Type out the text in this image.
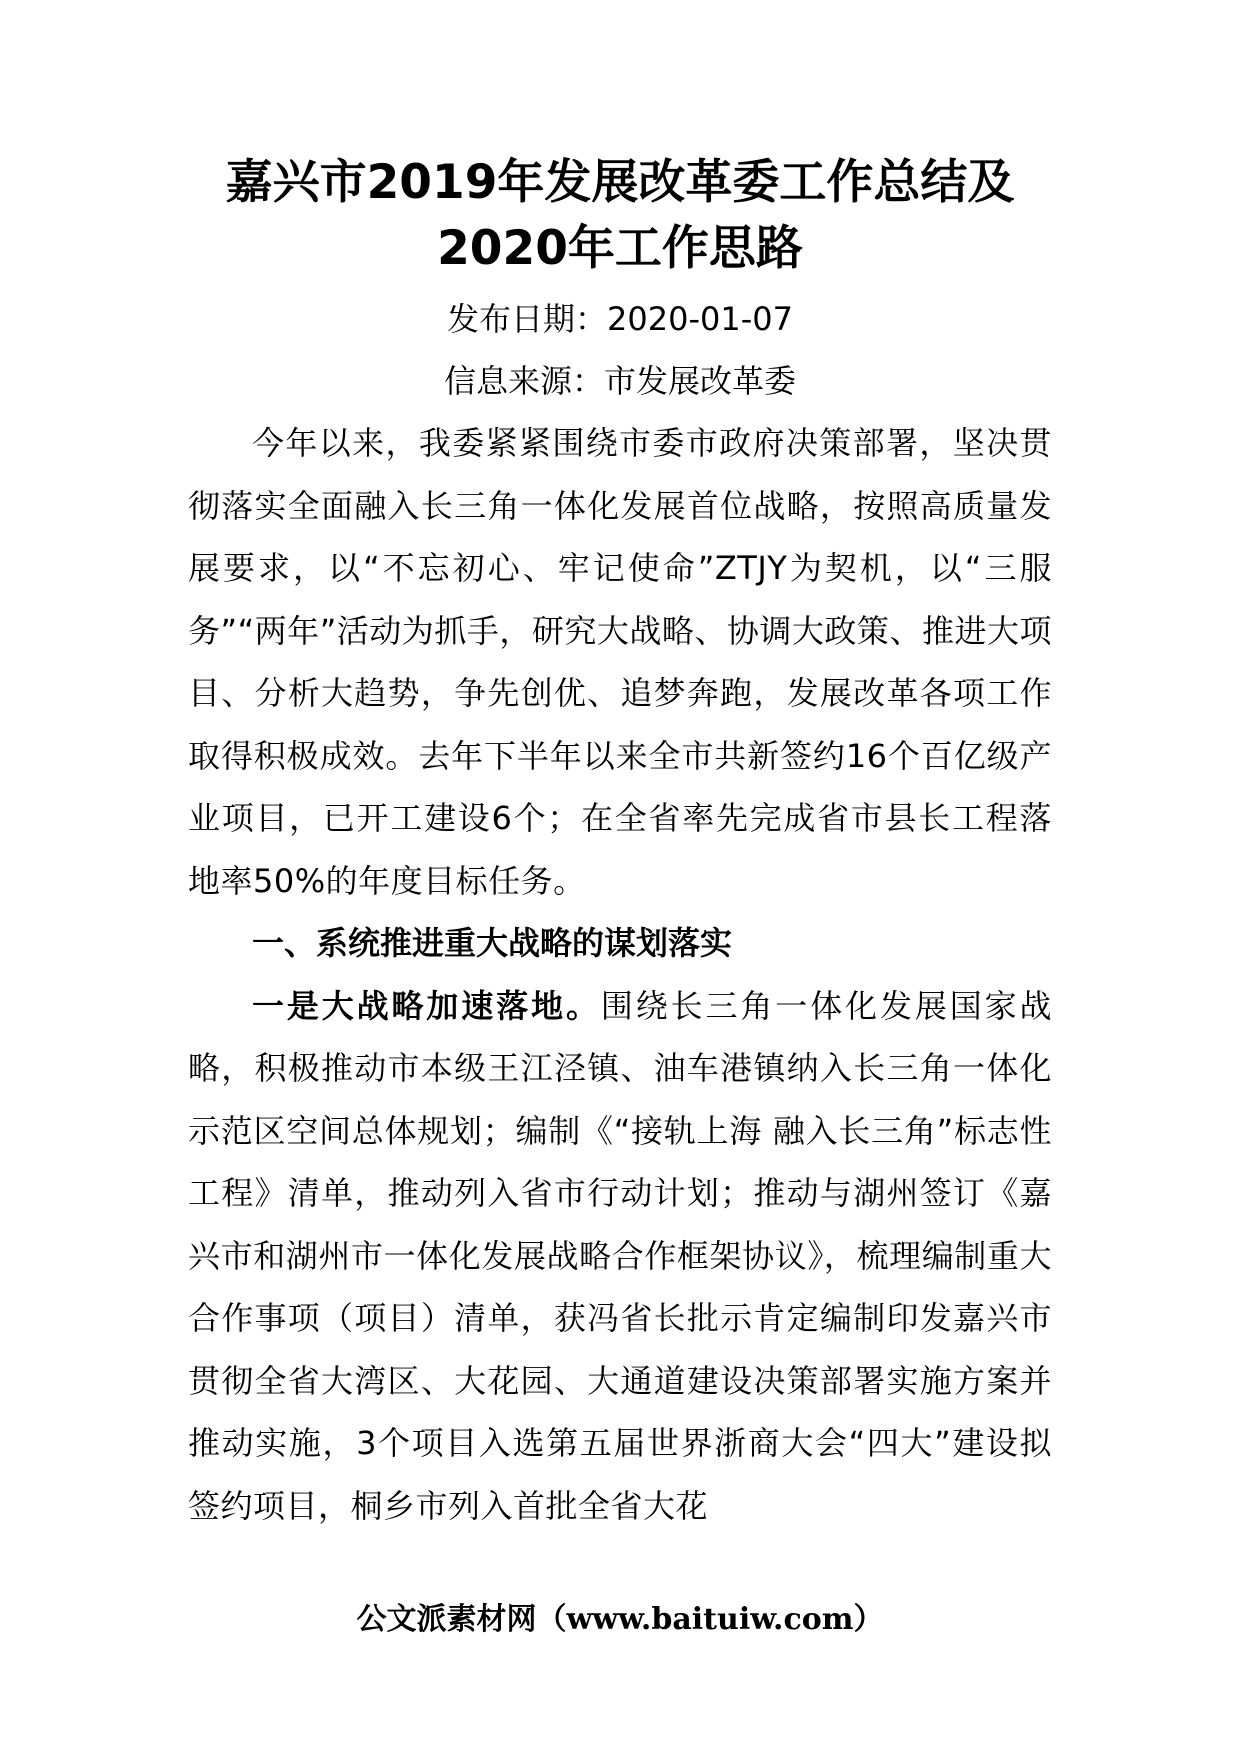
嘉兴市2019年发展改革委工作总结及2020年工作思路
发布日期：2020-01-07
信息来源：市发展改革委

今年以来，我委紧紧围绕市委市政府决策部署，坚决贯彻落实全面融入长三角一体化发展首位战略，按照高质量发展要求，以“不忘初心、牢记使命”ZTJY为契机，以“三服务”“两年”活动为抓手，研究大战略、协调大政策、推进大项目、分析大趋势，争先创优、追梦奔跑，发展改革各项工作取得积极成效。去年下半年以来全市共新签约16个百亿级产业项目，已开工建设6个；在全省率先完成省市县长工程落地率50%的年度目标任务。

一、系统推进重大战略的谋划落实

一是大战略加速落地。围绕长三角一体化发展国家战略，积极推动市本级王江泾镇、油车港镇纳入长三角一体化示范区空间总体规划；编制《“接轨上海 融入长三角”标志性工程》清单，推动列入省市行动计划；推动与湖州签订《嘉兴市和湖州市一体化发展战略合作框架协议》，梳理编制重大合作事项（项目）清单，获冯省长批示肯定编制印发嘉兴市贯彻全省大湾区、大花园、大通道建设决策部署实施方案并推动实施，3个项目入选第五届世界浙商大会“四大”建设拟签约项目，桐乡市列入首批全省大花

公文派素材网（www.baituiw.com）
